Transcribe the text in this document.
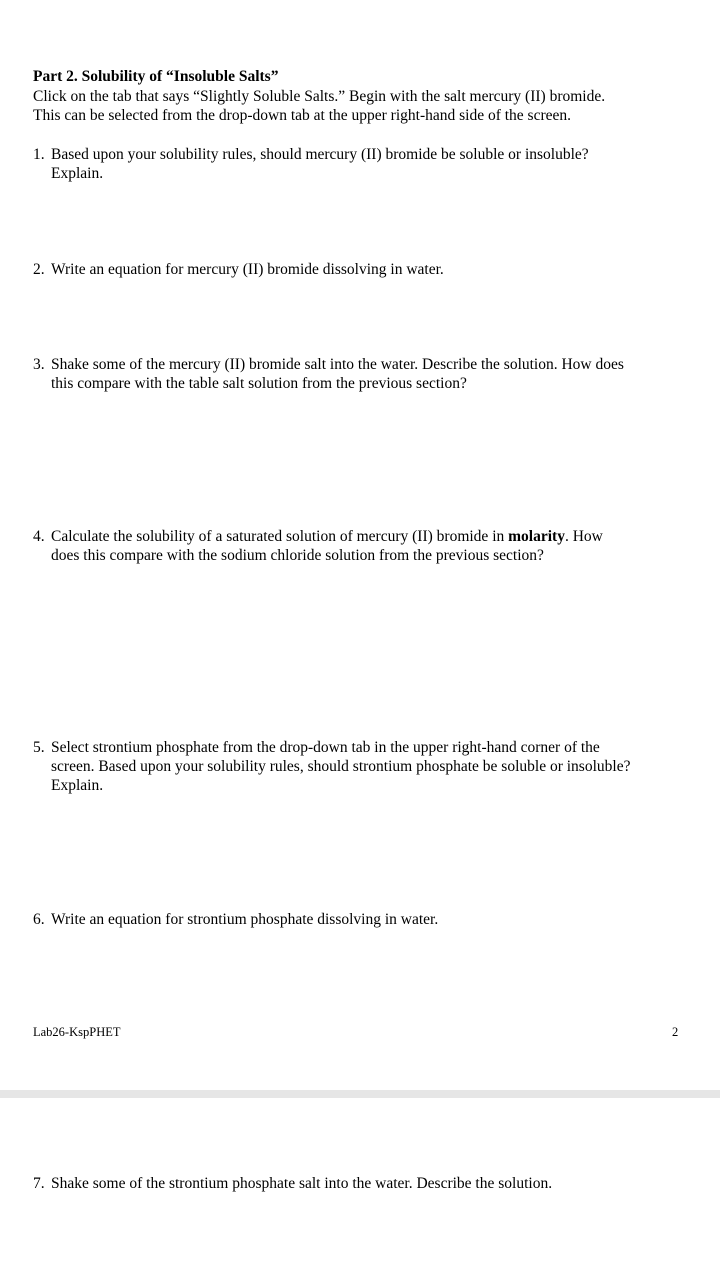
Part 2. Solubility of “Insoluble Salts”
Click on the tab that says “Slightly Soluble Salts.” Begin with the salt mercury (II) bromide.
This can be selected from the drop-down tab at the upper right-hand side of the screen.
1. Based upon your solubility rules, should mercury (II) bromide be soluble or insoluble?
Explain.
2. Write an equation for mercury (II) bromide dissolving in water.
3. Shake some of the mercury (II) bromide salt into the water. Describe the solution. How does
this compare with the table salt solution from the previous section?
4. Calculate the solubility of a saturated solution of mercury (II) bromide in molarity. How
does this compare with the sodium chloride solution from the previous section?
5. Select strontium phosphate from the drop-down tab in the upper right-hand corner of the
screen. Based upon your solubility rules, should strontium phosphate be soluble or insoluble?
Explain.
6. Write an equation for strontium phosphate dissolving in water.
Lab26-KspPHET	2
7. Shake some of the strontium phosphate salt into the water. Describe the solution.
